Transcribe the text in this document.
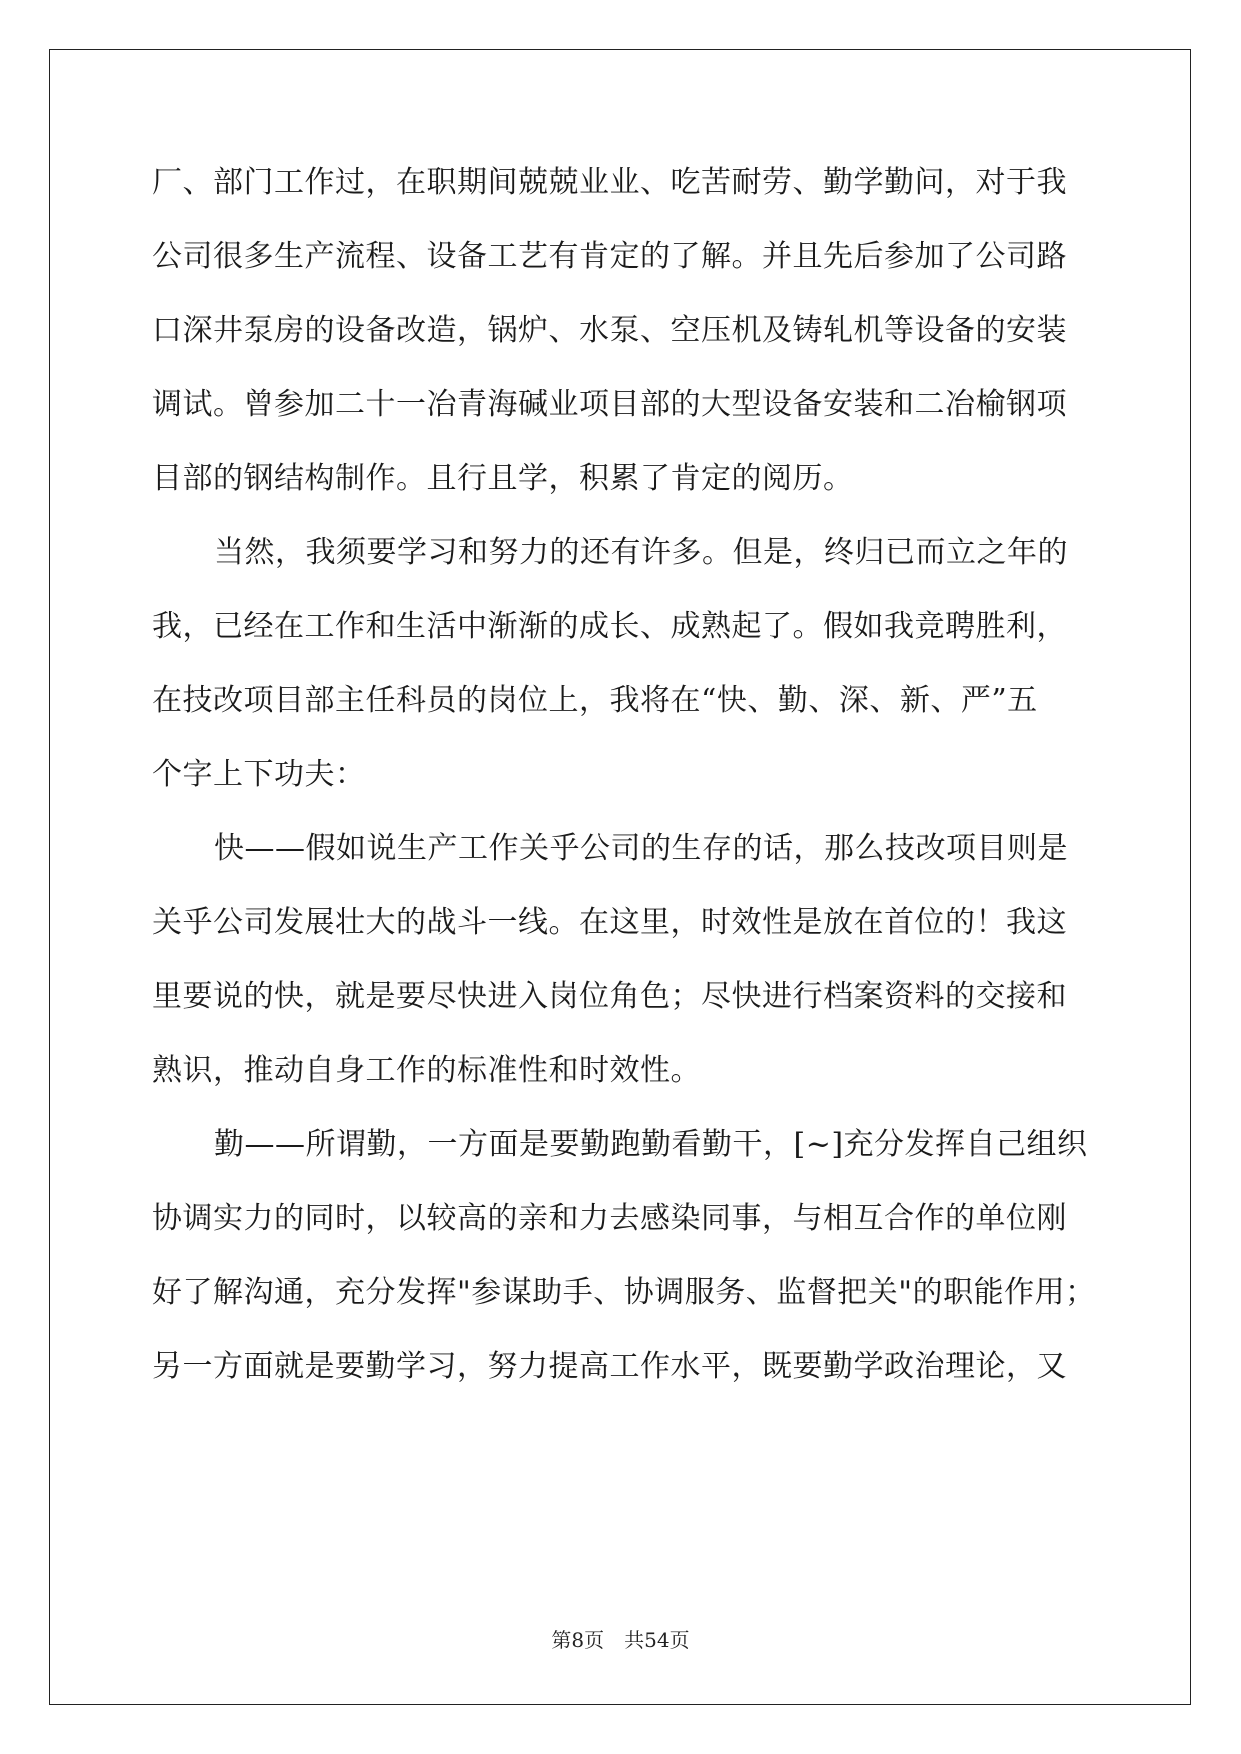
厂、部门工作过，在职期间兢兢业业、吃苦耐劳、勤学勤问，对于我
公司很多生产流程、设备工艺有肯定的了解。并且先后参加了公司路
口深井泵房的设备改造，锅炉、水泵、空压机及铸轧机等设备的安装
调试。曾参加二十一冶青海碱业项目部的大型设备安装和二冶榆钢项
目部的钢结构制作。且行且学，积累了肯定的阅历。
当然，我须要学习和努力的还有许多。但是，终归已而立之年的
我，已经在工作和生活中渐渐的成长、成熟起了。假如我竞聘胜利，
在技改项目部主任科员的岗位上，我将在“快、勤、深、新、严”五
个字上下功夫：
快——假如说生产工作关乎公司的生存的话，那么技改项目则是
关乎公司发展壮大的战斗一线。在这里，时效性是放在首位的！我这
里要说的快，就是要尽快进入岗位角色；尽快进行档案资料的交接和
熟识，推动自身工作的标准性和时效性。
勤——所谓勤，一方面是要勤跑勤看勤干，[~]充分发挥自己组织
协调实力的同时，以较高的亲和力去感染同事，与相互合作的单位刚
好了解沟通，充分发挥"参谋助手、协调服务、监督把关"的职能作用；
另一方面就是要勤学习，努力提高工作水平，既要勤学政治理论，又
第8页　共54页
